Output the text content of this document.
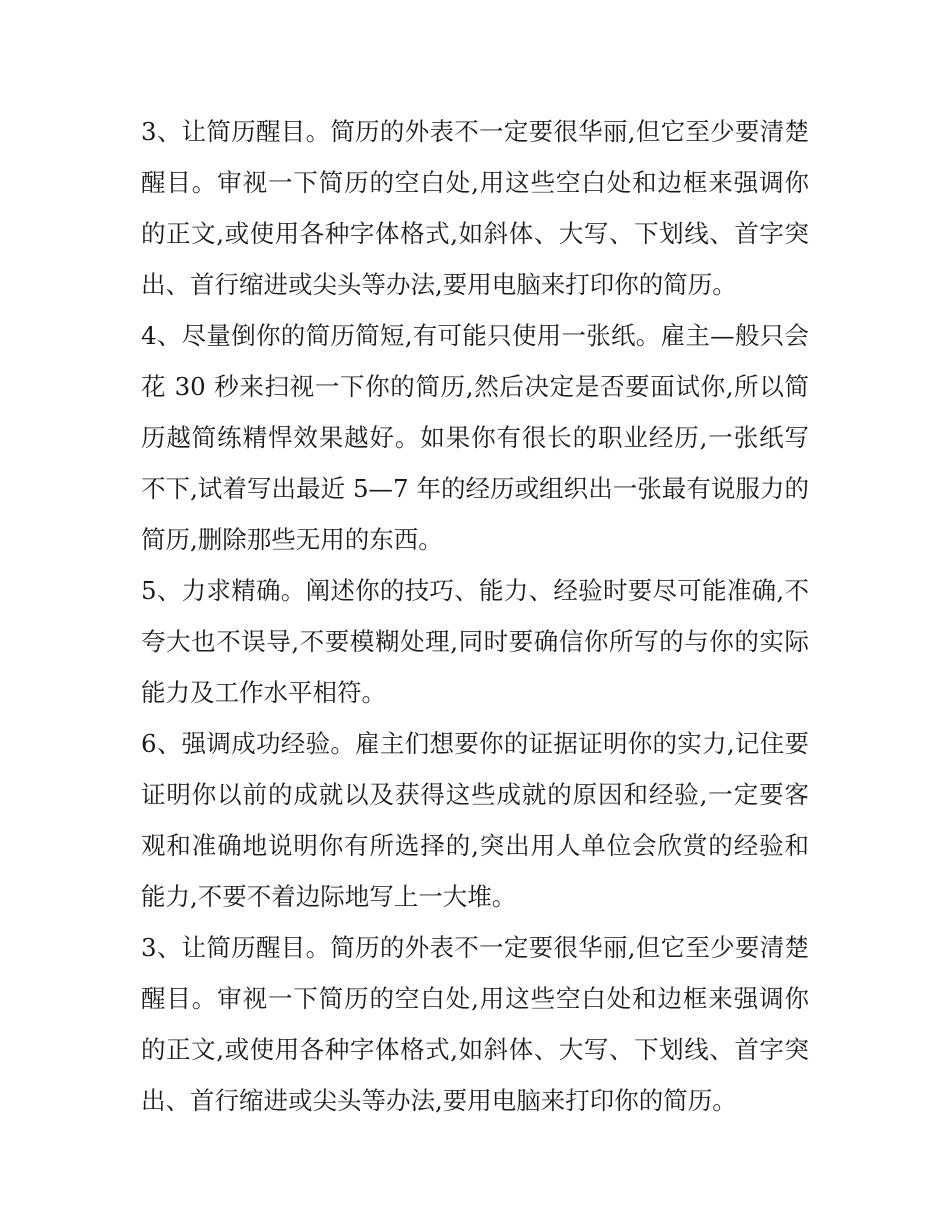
3、让简历醒目。简历的外表不一定要很华丽,但它至少要清楚醒目。审视一下简历的空白处,用这些空白处和边框来强调你的正文,或使用各种字体格式,如斜体、大写、下划线、首字突出、首行缩进或尖头等办法,要用电脑来打印你的简历。

4、尽量倒你的简历简短,有可能只使用一张纸。雇主—般只会花 30 秒来扫视一下你的简历,然后决定是否要面试你,所以简历越简练精悍效果越好。如果你有很长的职业经历,一张纸写不下,试着写出最近 5—7 年的经历或组织出一张最有说服力的简历,删除那些无用的东西。

5、力求精确。阐述你的技巧、能力、经验时要尽可能准确,不夸大也不误导,不要模糊处理,同时要确信你所写的与你的实际能力及工作水平相符。

6、强调成功经验。雇主们想要你的证据证明你的实力,记住要证明你以前的成就以及获得这些成就的原因和经验,一定要客观和准确地说明你有所选择的,突出用人单位会欣赏的经验和能力,不要不着边际地写上一大堆。

3、让简历醒目。简历的外表不一定要很华丽,但它至少要清楚醒目。审视一下简历的空白处,用这些空白处和边框来强调你的正文,或使用各种字体格式,如斜体、大写、下划线、首字突出、首行缩进或尖头等办法,要用电脑来打印你的简历。
